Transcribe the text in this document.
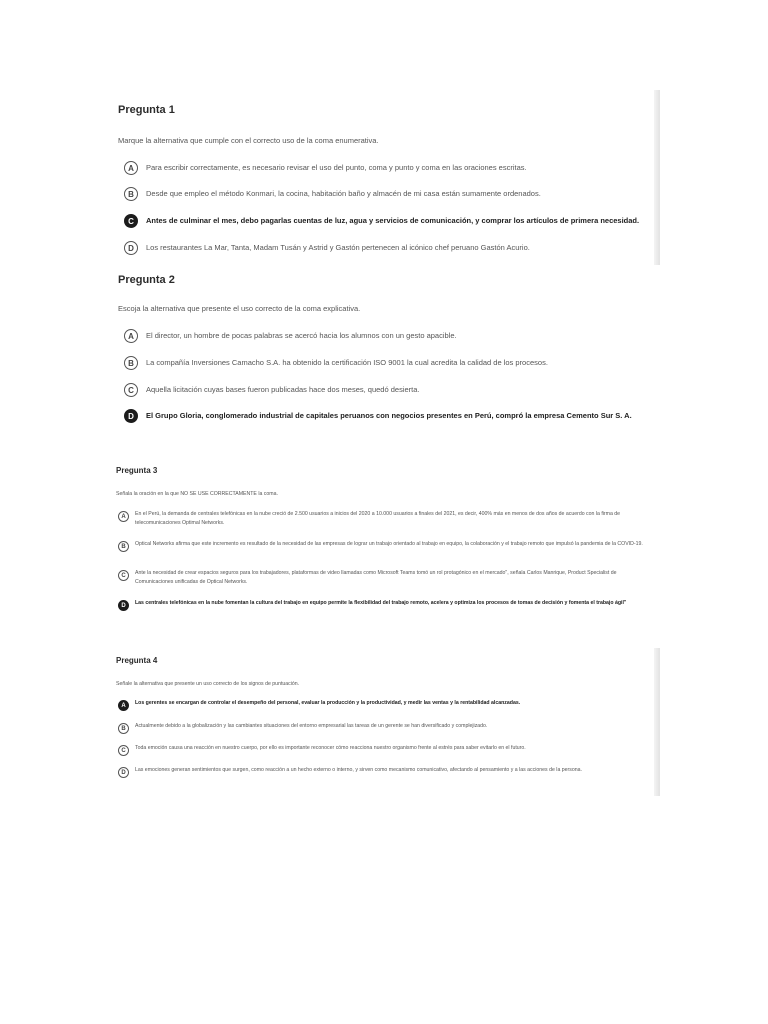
Pregunta 1
Marque la alternativa que cumple con el correcto uso de la coma enumerativa.
A	Para escribir correctamente, es necesario revisar el uso del punto, coma y punto y coma en las oraciones escritas.
B	Desde que empleo el método Konmari, la cocina, habitación baño y almacén de mi casa están sumamente ordenados.
C	Antes de culminar el mes, debo pagarlas cuentas de luz, agua y servicios de comunicación, y comprar los artículos de primera necesidad.
D	Los restaurantes La Mar, Tanta, Madam Tusán y Astrid y Gastón pertenecen al icónico chef peruano Gastón Acurio.
Pregunta 2
Escoja la alternativa que presente el uso correcto de la coma explicativa.
A	El director, un hombre de pocas palabras se acercó hacia los alumnos con un gesto apacible.
B	La compañía Inversiones Camacho S.A. ha obtenido la certificación ISO 9001 la cual acredita la calidad de los procesos.
C	Aquella licitación cuyas bases fueron publicadas hace dos meses, quedó desierta.
D	El Grupo Gloria, conglomerado industrial de capitales peruanos con negocios presentes en Perú, compró la empresa Cemento Sur S. A.
Pregunta 3
Señala la oración en la que NO SE USE CORRECTAMENTE la coma.
A	En el Perú, la demanda de centrales telefónicas en la nube creció de 2.500 usuarios a inicios del 2020 a 10.000 usuarios a finales del 2021, es decir, 400% más en menos de dos años de acuerdo con la firma de telecomunicaciones Optimal Networks.
B	Optical Networks afirma que este incremento es resultado de la necesidad de las empresas de lograr un trabajo orientado al trabajo en equipo, la colaboración y el trabajo remoto que impulsó la pandemia de la COVID-19.
C	Ante la necesidad de crear espacios seguros para los trabajadores, plataformas de video llamadas como Microsoft Teams tomó un rol protagónico en el mercado", señala Carlos Manrique, Product Specialist de Comunicaciones unificadas de Optical Networks.
D	Las centrales telefónicas en la nube fomentan la cultura del trabajo en equipo permite la flexibilidad del trabajo remoto, acelera y optimiza los procesos de tomas de decisión y fomenta el trabajo ágil"
Pregunta 4
Señale la alternativa que presente un uso correcto de los signos de puntuación.
A	Los gerentes se encargan de controlar el desempeño del personal, evaluar la producción y la productividad, y medir las ventas y la rentabilidad alcanzadas.
B	Actualmente debido a la globalización y las cambiantes situaciones del entorno empresarial las tareas de un gerente se han diversificado y complejizado.
C	Toda emoción causa una reacción en nuestro cuerpo, por ello es importante reconocer cómo reacciona nuestro organismo frente al estrés para saber evitarlo en el futuro.
D	Las emociones generan sentimientos que surgen, como reacción a un hecho externo o interno, y sirven como mecanismo comunicativo, afectando al pensamiento y a las acciones de la persona.
